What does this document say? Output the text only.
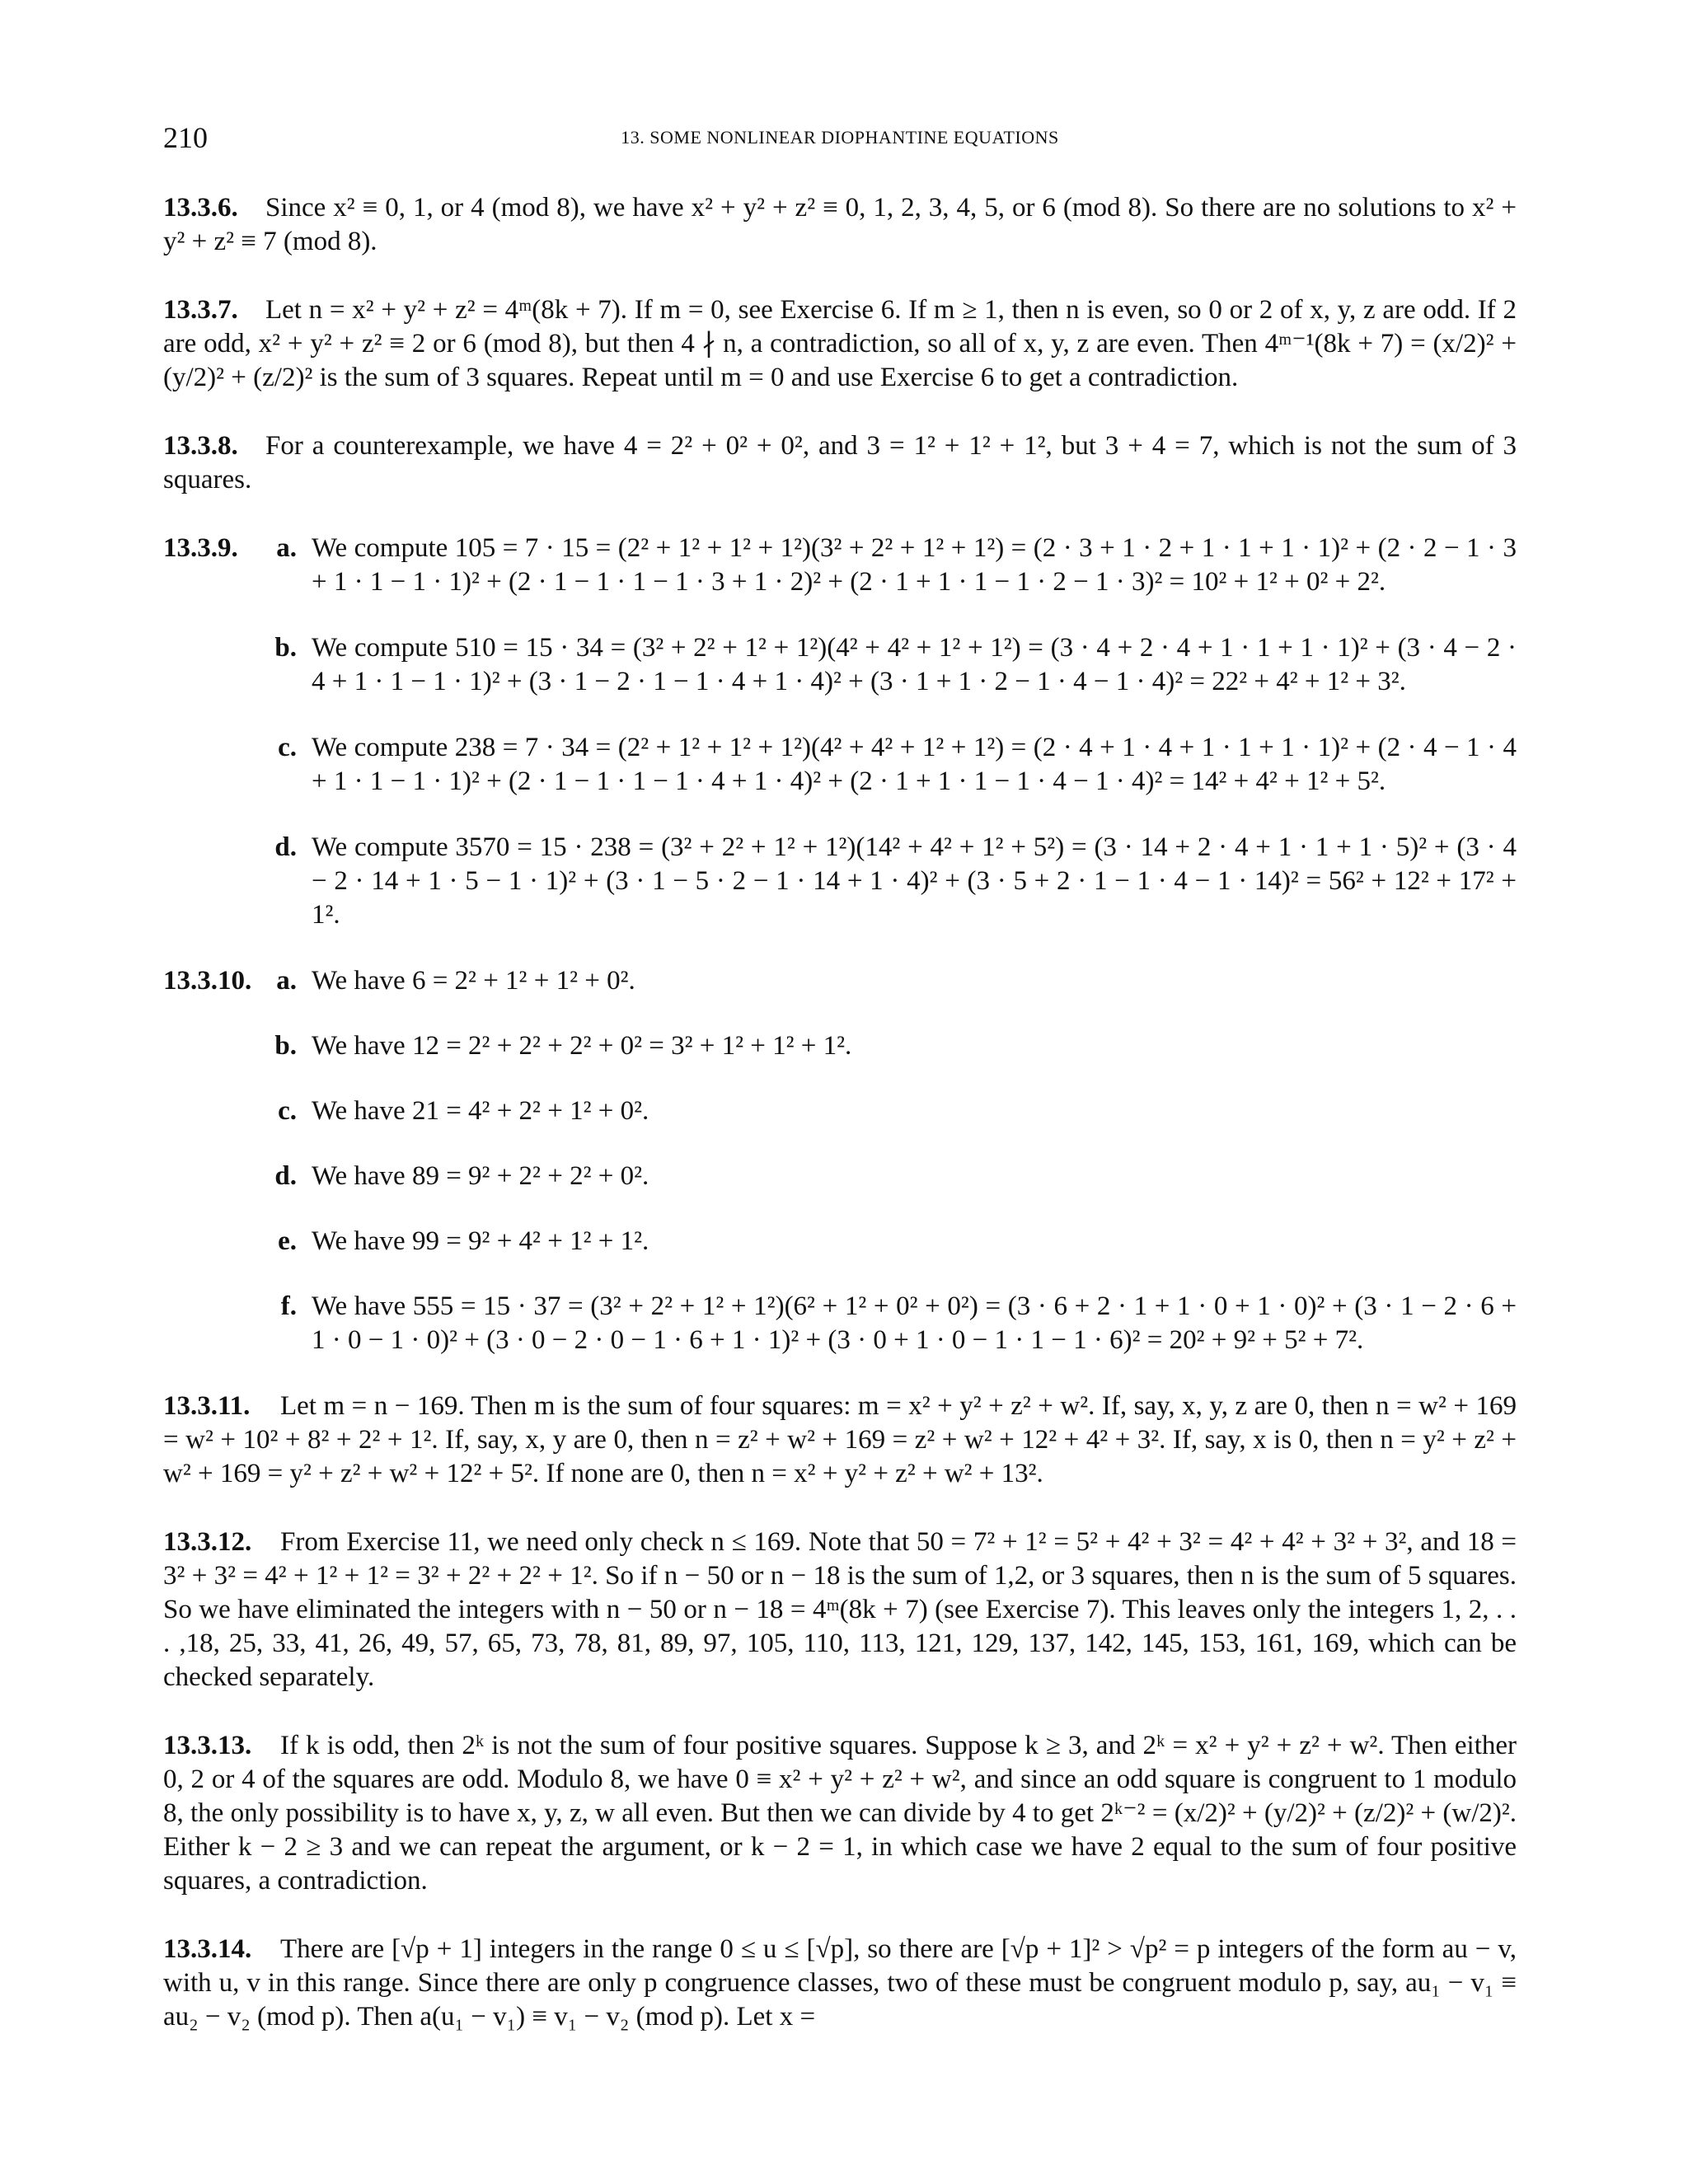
210	13. SOME NONLINEAR DIOPHANTINE EQUATIONS
13.3.6.	Since x² ≡ 0, 1, or 4 (mod 8), we have x² + y² + z² ≡ 0, 1, 2, 3, 4, 5, or 6 (mod 8). So there are no solutions to x² + y² + z² ≡ 7 (mod 8).
13.3.7.	Let n = x² + y² + z² = 4ᵐ(8k + 7). If m = 0, see Exercise 6. If m ≥ 1, then n is even, so 0 or 2 of x, y, z are odd. If 2 are odd, x² + y² + z² ≡ 2 or 6 (mod 8), but then 4 ∤ n, a contradiction, so all of x, y, z are even. Then 4ᵐ⁻¹(8k + 7) = (x/2)² + (y/2)² + (z/2)² is the sum of 3 squares. Repeat until m = 0 and use Exercise 6 to get a contradiction.
13.3.8.	For a counterexample, we have 4 = 2² + 0² + 0², and 3 = 1² + 1² + 1², but 3 + 4 = 7, which is not the sum of 3 squares.
13.3.9.	a. We compute 105 = 7 · 15 = (2² + 1² + 1² + 1²)(3² + 2² + 1² + 1²) = (2 · 3 + 1 · 2 + 1 · 1 + 1 · 1)² + (2 · 2 − 1 · 3 + 1 · 1 − 1 · 1)² + (2 · 1 − 1 · 1 − 1 · 3 + 1 · 2)² + (2 · 1 + 1 · 1 − 1 · 2 − 1 · 3)² = 10² + 1² + 0² + 2².
b. We compute 510 = 15 · 34 = (3² + 2² + 1² + 1²)(4² + 4² + 1² + 1²) = (3 · 4 + 2 · 4 + 1 · 1 + 1 · 1)² + (3 · 4 − 2 · 4 + 1 · 1 − 1 · 1)² + (3 · 1 − 2 · 1 − 1 · 4 + 1 · 4)² + (3 · 1 + 1 · 2 − 1 · 4 − 1 · 4)² = 22² + 4² + 1² + 3².
c. We compute 238 = 7 · 34 = (2² + 1² + 1² + 1²)(4² + 4² + 1² + 1²) = (2 · 4 + 1 · 4 + 1 · 1 + 1 · 1)² + (2 · 4 − 1 · 4 + 1 · 1 − 1 · 1)² + (2 · 1 − 1 · 1 − 1 · 4 + 1 · 4)² + (2 · 1 + 1 · 1 − 1 · 4 − 1 · 4)² = 14² + 4² + 1² + 5².
d. We compute 3570 = 15 · 238 = (3² + 2² + 1² + 1²)(14² + 4² + 1² + 5²) = (3 · 14 + 2 · 4 + 1 · 1 + 1 · 5)² + (3 · 4 − 2 · 14 + 1 · 5 − 1 · 1)² + (3 · 1 − 5 · 2 − 1 · 14 + 1 · 4)² + (3 · 5 + 2 · 1 − 1 · 4 − 1 · 14)² = 56² + 12² + 17² + 1².
13.3.10. a. We have 6 = 2² + 1² + 1² + 0².
b. We have 12 = 2² + 2² + 2² + 0² = 3² + 1² + 1² + 1².
c. We have 21 = 4² + 2² + 1² + 0².
d. We have 89 = 9² + 2² + 2² + 0².
e. We have 99 = 9² + 4² + 1² + 1².
f. We have 555 = 15 · 37 = (3² + 2² + 1² + 1²)(6² + 1² + 0² + 0²) = (3 · 6 + 2 · 1 + 1 · 0 + 1 · 0)² + (3 · 1 − 2 · 6 + 1 · 0 − 1 · 0)² + (3 · 0 − 2 · 0 − 1 · 6 + 1 · 1)² + (3 · 0 + 1 · 0 − 1 · 1 − 1 · 6)² = 20² + 9² + 5² + 7².
13.3.11.	Let m = n − 169. Then m is the sum of four squares: m = x² + y² + z² + w². If, say, x, y, z are 0, then n = w² + 169 = w² + 10² + 8² + 2² + 1². If, say, x, y are 0, then n = z² + w² + 169 = z² + w² + 12² + 4² + 3². If, say, x is 0, then n = y² + z² + w² + 169 = y² + z² + w² + 12² + 5². If none are 0, then n = x² + y² + z² + w² + 13².
13.3.12.	From Exercise 11, we need only check n ≤ 169. Note that 50 = 7² + 1² = 5² + 4² + 3² = 4² + 4² + 3² + 3², and 18 = 3² + 3² = 4² + 1² + 1² = 3² + 2² + 2² + 1². So if n − 50 or n − 18 is the sum of 1,2, or 3 squares, then n is the sum of 5 squares. So we have eliminated the integers with n − 50 or n − 18 = 4ᵐ(8k + 7) (see Exercise 7). This leaves only the integers 1, 2, . . . ,18, 25, 33, 41, 26, 49, 57, 65, 73, 78, 81, 89, 97, 105, 110, 113, 121, 129, 137, 142, 145, 153, 161, 169, which can be checked separately.
13.3.13.	If k is odd, then 2ᵏ is not the sum of four positive squares. Suppose k ≥ 3, and 2ᵏ = x² + y² + z² + w². Then either 0, 2 or 4 of the squares are odd. Modulo 8, we have 0 ≡ x² + y² + z² + w², and since an odd square is congruent to 1 modulo 8, the only possibility is to have x, y, z, w all even. But then we can divide by 4 to get 2ᵏ⁻² = (x/2)² + (y/2)² + (z/2)² + (w/2)². Either k − 2 ≥ 3 and we can repeat the argument, or k − 2 = 1, in which case we have 2 equal to the sum of four positive squares, a contradiction.
13.3.14.	There are [√p + 1] integers in the range 0 ≤ u ≤ [√p], so there are [√p + 1]² > √p² = p integers of the form au − v, with u, v in this range. Since there are only p congruence classes, two of these must be congruent modulo p, say, au₁ − v₁ ≡ au₂ − v₂ (mod p). Then a(u₁ − v₁) ≡ v₁ − v₂ (mod p). Let x =
